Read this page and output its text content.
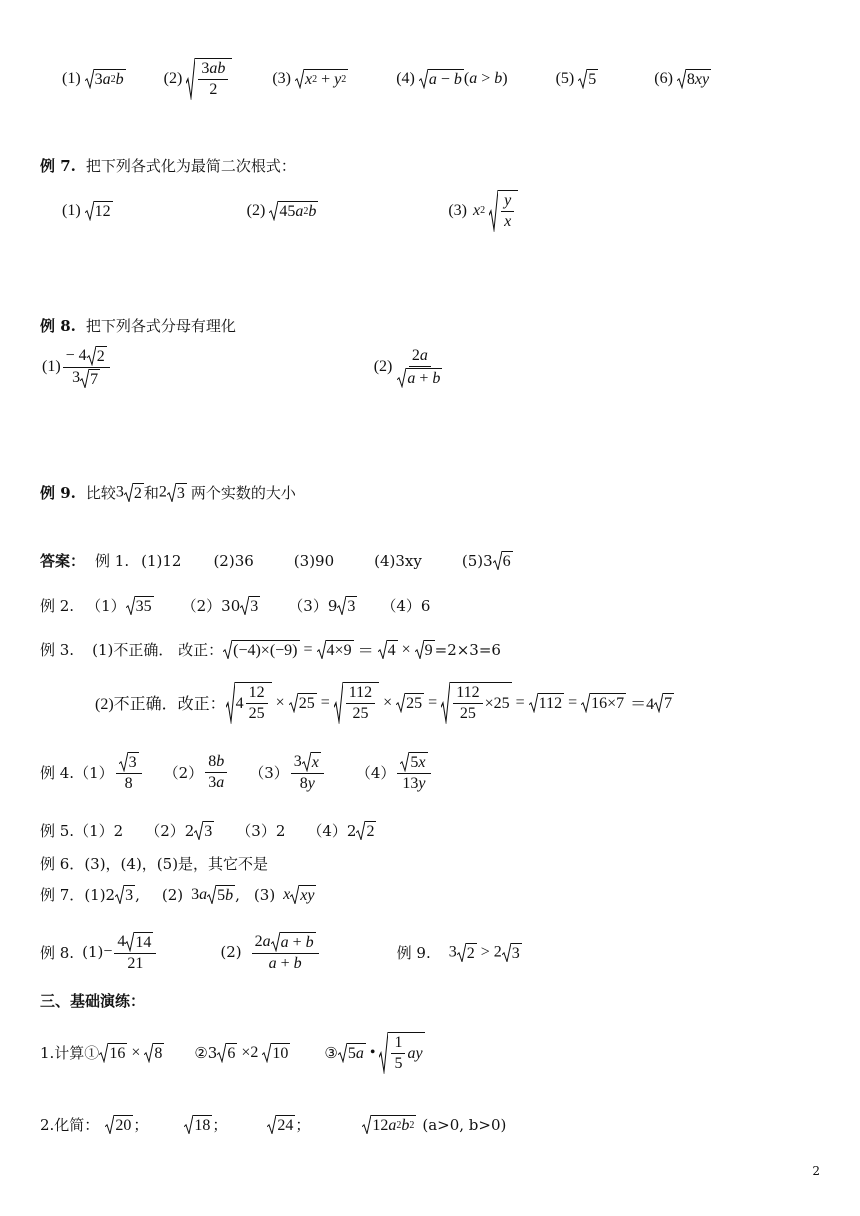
(1) 3 a 2 b	$(2) \frac{3 ab}{2}$	(3) x 2 + y 2	(4) a − b (a > b)	(5) 5	(6) 8 xy
例 7. 把下列各式化为最简二次根式：
(1) 12	(2) 45 a 2 b	(3) x $2 \frac{y}{x}$
例 8. 把下列各式分母有理化
$(1) \frac{- 4 2}{3 7}$	$(2) \frac{2 a}{a + b}$
例 9. 比较 3 2 和 2 3 两个实数的大小
答案： 例 1. (1)12 (2)36	(3)90	(4)3xy	(5)3 6
例 2. （1） 35 （2）30 3 （3）9 3 （4）6
例 3. (1)不正确． 改正： (−4)×(−9) = 4×9 ＝ 4 × 9 =2×3=6
(2)不正确．改正： $4 \frac{12}{25} \times 25 = \frac{112}{25} \times 25 = \frac{112}{25} \times 25 = 112 = 16\times 7$
＝4 7
例 4. $(1) \frac{3}{8} (2) \frac{8 b}{3 a} (3) \frac{3 x}{8 y} (4) \frac{5 x}{13 y}$
例 5. （1）2 （2）2 3 （3）2 （4）2 2
例 6． (3)，(4)，(5)是，其它不是
例 7． (1)2 3 , (2) 3a 5 b , (3) x xy
例 8. $(1) - \frac{4 14}{21}$	$(2) \frac{\text{2 a a + b}}{a + b}$	例 9. 3 2 > 2 3
三、基础演练：
1.计算① 16 × 8 ②3 6 ×2 10 ③ 5 a • $\frac{1}{5}$ ay
2.化简： 20 ；	18 ；	24 ；	12 a 2 b 2 (a>0, b>0)
2
